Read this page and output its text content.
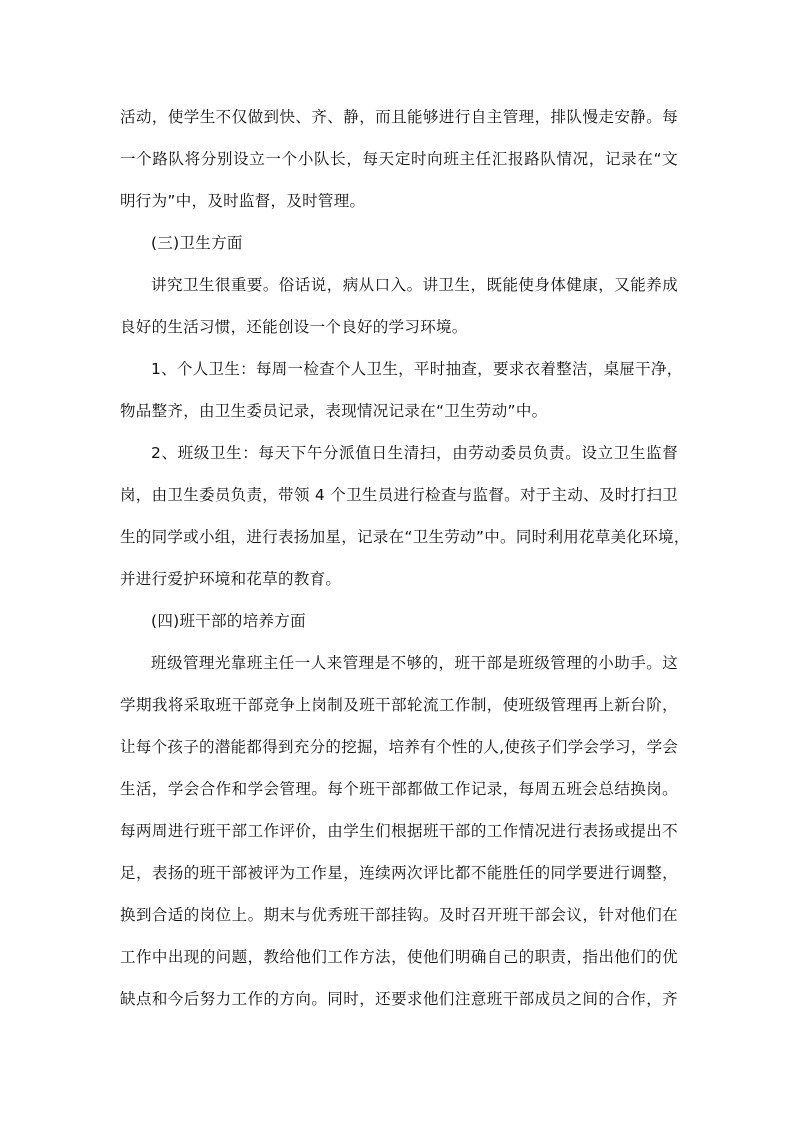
活动，使学生不仅做到快、齐、静，而且能够进行自主管理，排队慢走安静。每
一个路队将分别设立一个小队长，每天定时向班主任汇报路队情况，记录在“文
明行为”中，及时监督，及时管理。
(三)卫生方面
讲究卫生很重要。俗话说，病从口入。讲卫生，既能使身体健康，又能养成
良好的生活习惯，还能创设一个良好的学习环境。
1、个人卫生：每周一检查个人卫生，平时抽查，要求衣着整洁，桌屉干净，
物品整齐，由卫生委员记录，表现情况记录在“卫生劳动”中。
2、班级卫生：每天下午分派值日生清扫，由劳动委员负责。设立卫生监督
岗，由卫生委员负责，带领 4 个卫生员进行检查与监督。对于主动、及时打扫卫
生的同学或小组，进行表扬加星，记录在“卫生劳动”中。同时利用花草美化环境，
并进行爱护环境和花草的教育。
(四)班干部的培养方面
班级管理光靠班主任一人来管理是不够的，班干部是班级管理的小助手。这
学期我将采取班干部竞争上岗制及班干部轮流工作制，使班级管理再上新台阶，
让每个孩子的潜能都得到充分的挖掘，培养有个性的人,使孩子们学会学习，学会
生活，学会合作和学会管理。每个班干部都做工作记录，每周五班会总结换岗。
每两周进行班干部工作评价，由学生们根据班干部的工作情况进行表扬或提出不
足，表扬的班干部被评为工作星，连续两次评比都不能胜任的同学要进行调整，
换到合适的岗位上。期末与优秀班干部挂钩。及时召开班干部会议，针对他们在
工作中出现的问题，教给他们工作方法，使他们明确自己的职责，指出他们的优
缺点和今后努力工作的方向。同时，还要求他们注意班干部成员之间的合作，齐
